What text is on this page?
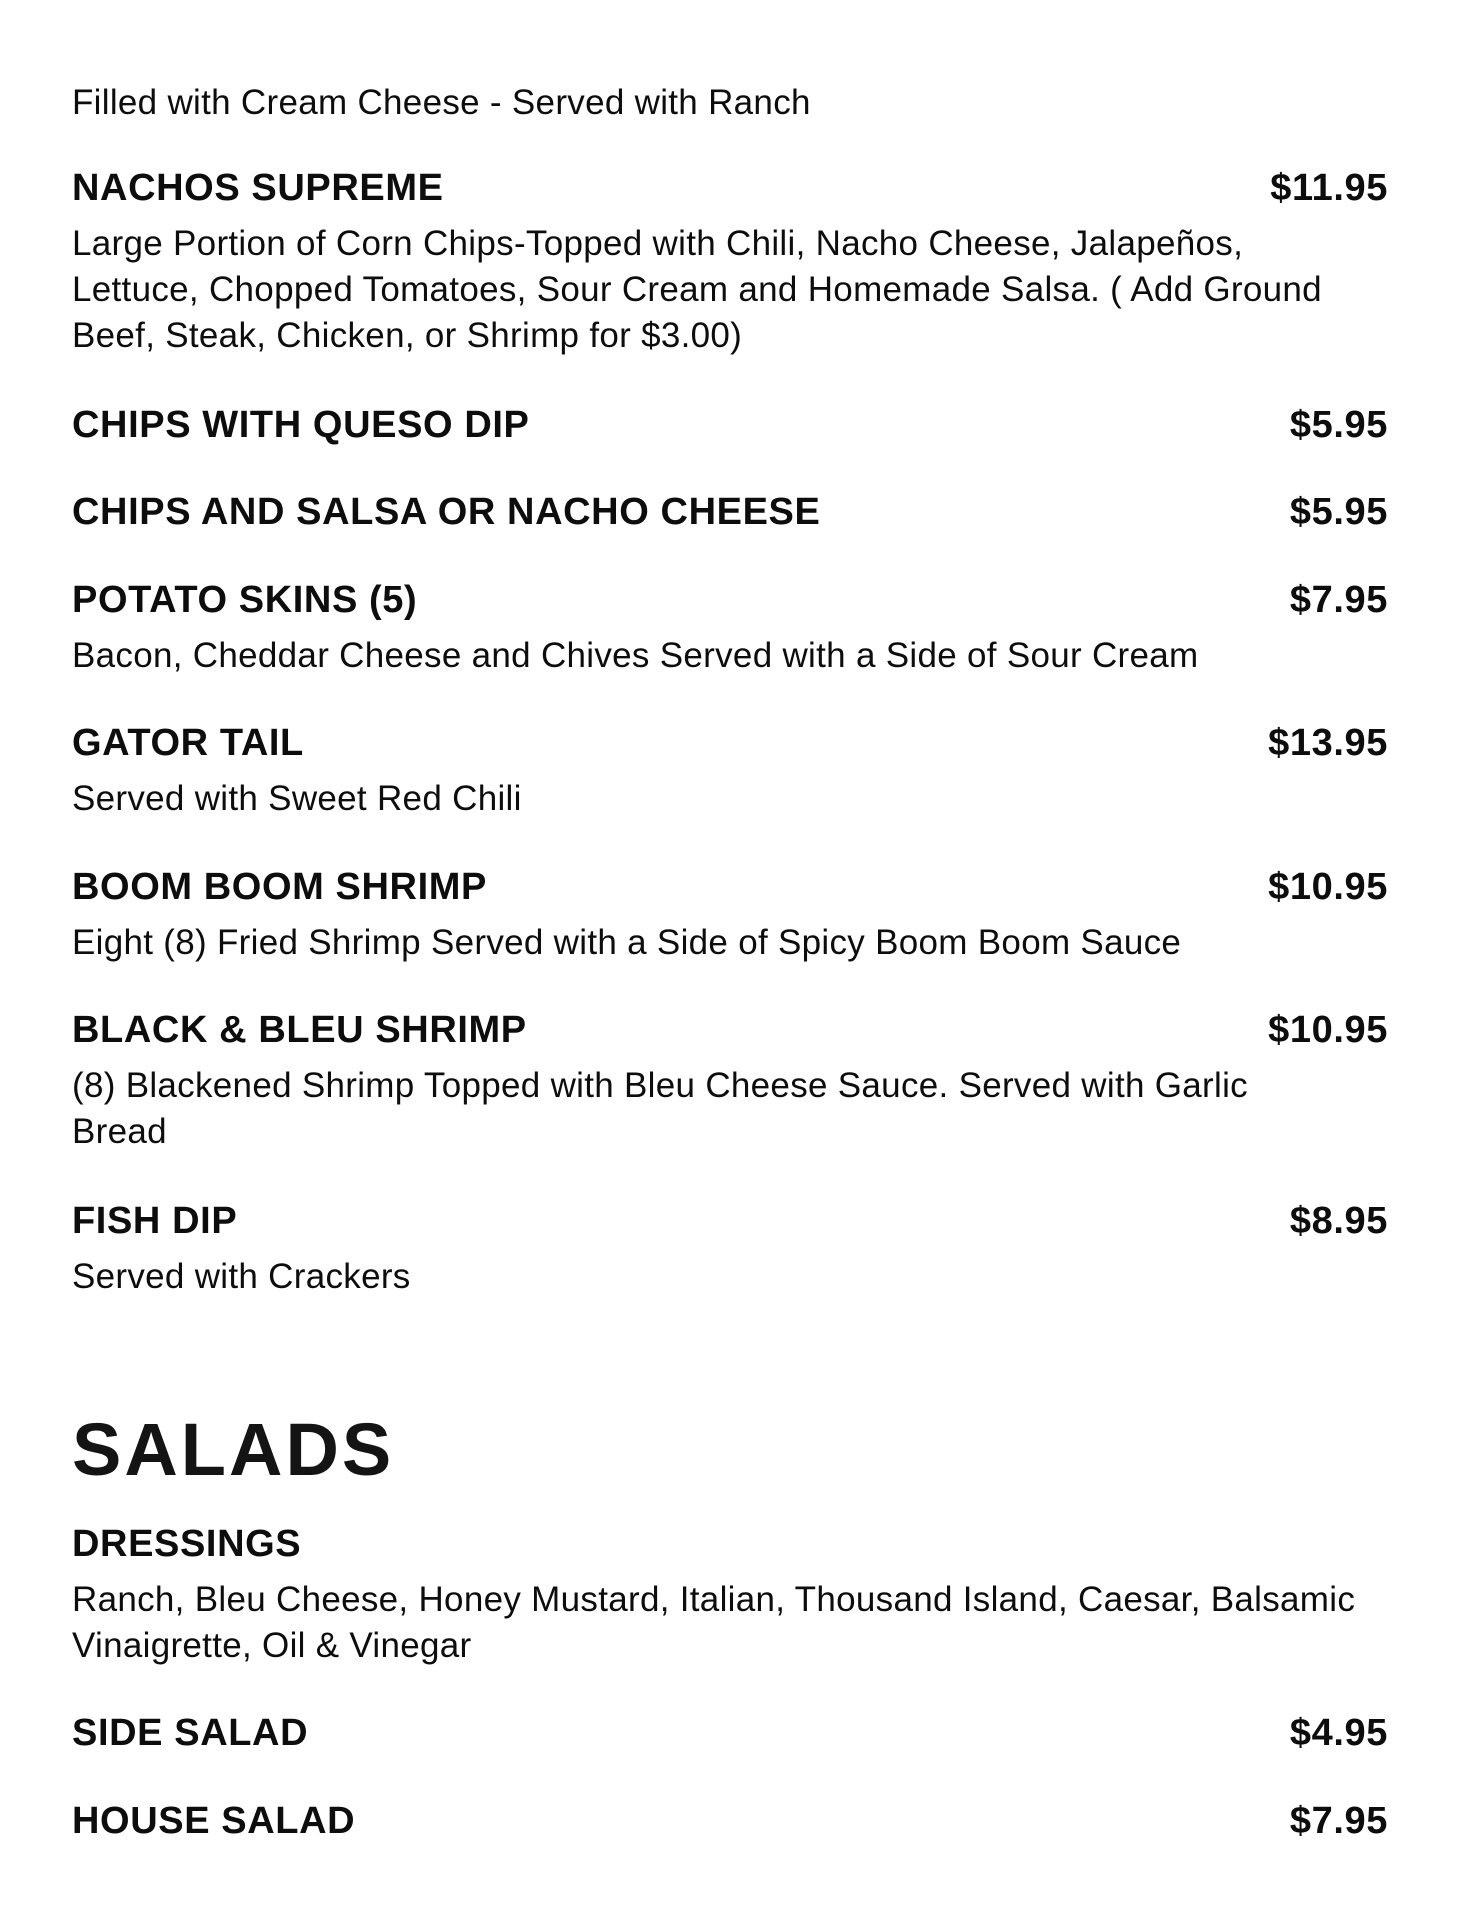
Filled with Cream Cheese - Served with Ranch
NACHOS SUPREME	$11.95
Large Portion of Corn Chips-Topped with Chili, Nacho Cheese, Jalapeños, Lettuce, Chopped Tomatoes, Sour Cream and Homemade Salsa. ( Add Ground Beef, Steak, Chicken, or Shrimp for $3.00)
CHIPS WITH QUESO DIP	$5.95
CHIPS AND SALSA OR NACHO CHEESE	$5.95
POTATO SKINS (5)	$7.95
Bacon, Cheddar Cheese and Chives Served with a Side of Sour Cream
GATOR TAIL	$13.95
Served with Sweet Red Chili
BOOM BOOM SHRIMP	$10.95
Eight (8) Fried Shrimp Served with a Side of Spicy Boom Boom Sauce
BLACK & BLEU SHRIMP	$10.95
(8) Blackened Shrimp Topped with Bleu Cheese Sauce. Served with Garlic Bread
FISH DIP	$8.95
Served with Crackers
SALADS
DRESSINGS
Ranch, Bleu Cheese, Honey Mustard, Italian, Thousand Island, Caesar, Balsamic Vinaigrette, Oil & Vinegar
SIDE SALAD	$4.95
HOUSE SALAD	$7.95
